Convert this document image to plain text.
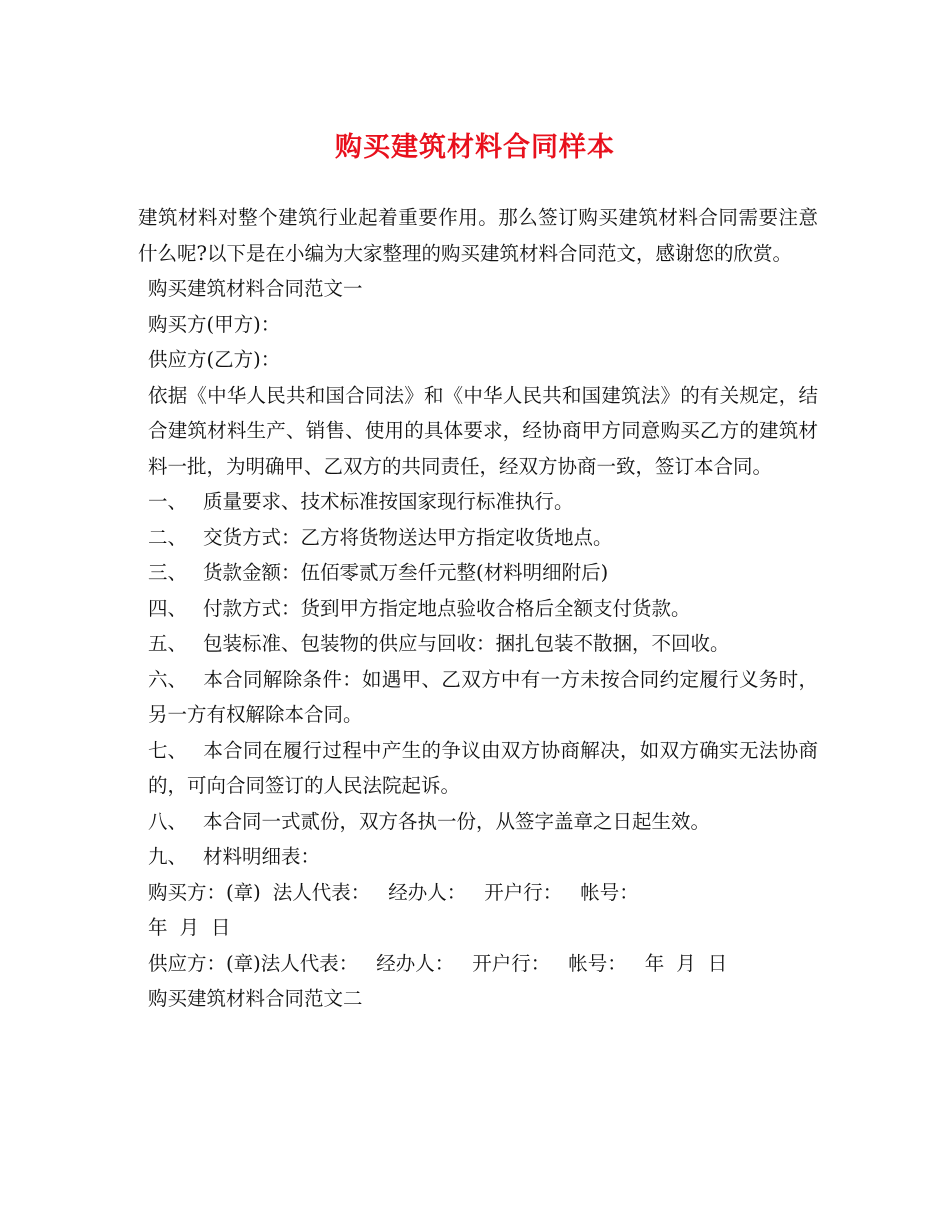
购买建筑材料合同样本

建筑材料对整个建筑行业起着重要作用。那么签订购买建筑材料合同需要注意什么呢?以下是在小编为大家整理的购买建筑材料合同范文，感谢您的欣赏。

购买建筑材料合同范文一

购买方(甲方)：

供应方(乙方)：

依据《中华人民共和国合同法》和《中华人民共和国建筑法》的有关规定，结合建筑材料生产、销售、使用的具体要求，经协商甲方同意购买乙方的建筑材料一批，为明确甲、乙双方的共同责任，经双方协商一致，签订本合同。

一、 质量要求、技术标准按国家现行标准执行。

二、 交货方式：乙方将货物送达甲方指定收货地点。

三、 货款金额：伍佰零贰万叁仟元整(材料明细附后)

四、 付款方式：货到甲方指定地点验收合格后全额支付货款。

五、 包装标准、包装物的供应与回收：捆扎包装不散捆，不回收。

六、 本合同解除条件：如遇甲、乙双方中有一方未按合同约定履行义务时，另一方有权解除本合同。

七、 本合同在履行过程中产生的争议由双方协商解决，如双方确实无法协商的，可向合同签订的人民法院起诉。

八、 本合同一式贰份，双方各执一份，从签字盖章之日起生效。

九、 材料明细表：

购买方：(章) 法人代表： 经办人： 开户行： 帐号：

年 月 日

供应方：(章)法人代表： 经办人： 开户行： 帐号： 年 月 日

购买建筑材料合同范文二
